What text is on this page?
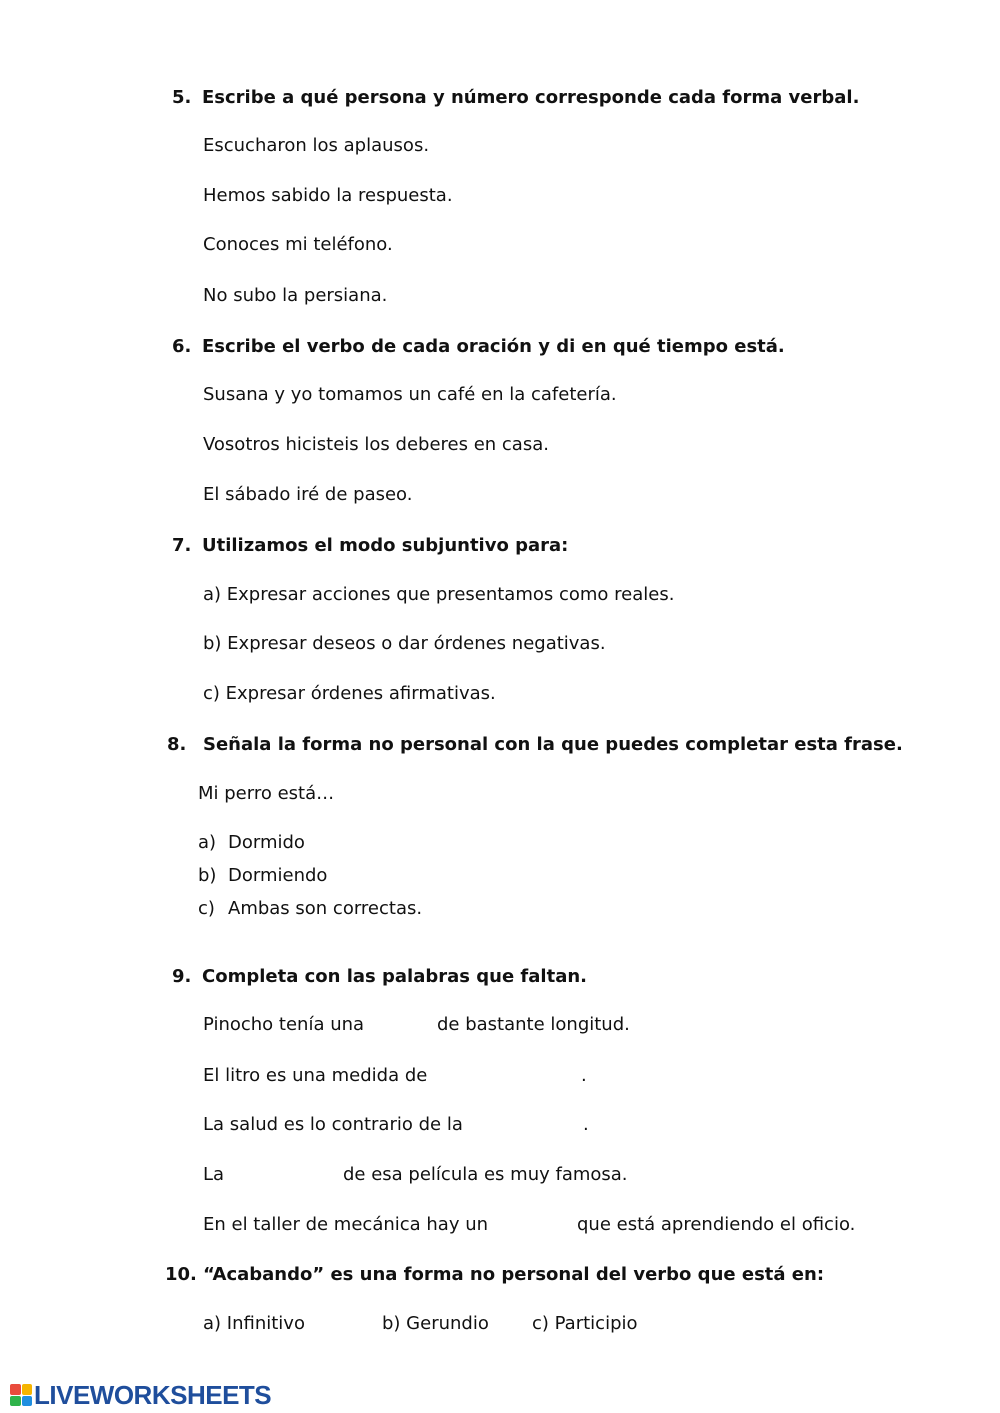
5. Escribe a qué persona y número corresponde cada forma verbal.
Escucharon los aplausos.
Hemos sabido la respuesta.
Conoces mi teléfono.
No subo la persiana.
6. Escribe el verbo de cada oración y di en qué tiempo está.
Susana y yo tomamos un café en la cafetería.
Vosotros hicisteis los deberes en casa.
El sábado iré de paseo.
7. Utilizamos el modo subjuntivo para:
a) Expresar acciones que presentamos como reales.
b) Expresar deseos o dar órdenes negativas.
c) Expresar órdenes afirmativas.
8. Señala la forma no personal con la que puedes completar esta frase.
Mi perro está…
a) Dormido
b) Dormiendo
c) Ambas son correctas.
9. Completa con las palabras que faltan.
Pinocho tenía una	de bastante longitud.
El litro es una medida de	.
La salud es lo contrario de la	.
La	de esa película es muy famosa.
En el taller de mecánica hay un	que está aprendiendo el oficio.
10. “Acabando” es una forma no personal del verbo que está en:
a) Infinitivo	b) Gerundio c) Participio
LIVEWORKSHEETS
